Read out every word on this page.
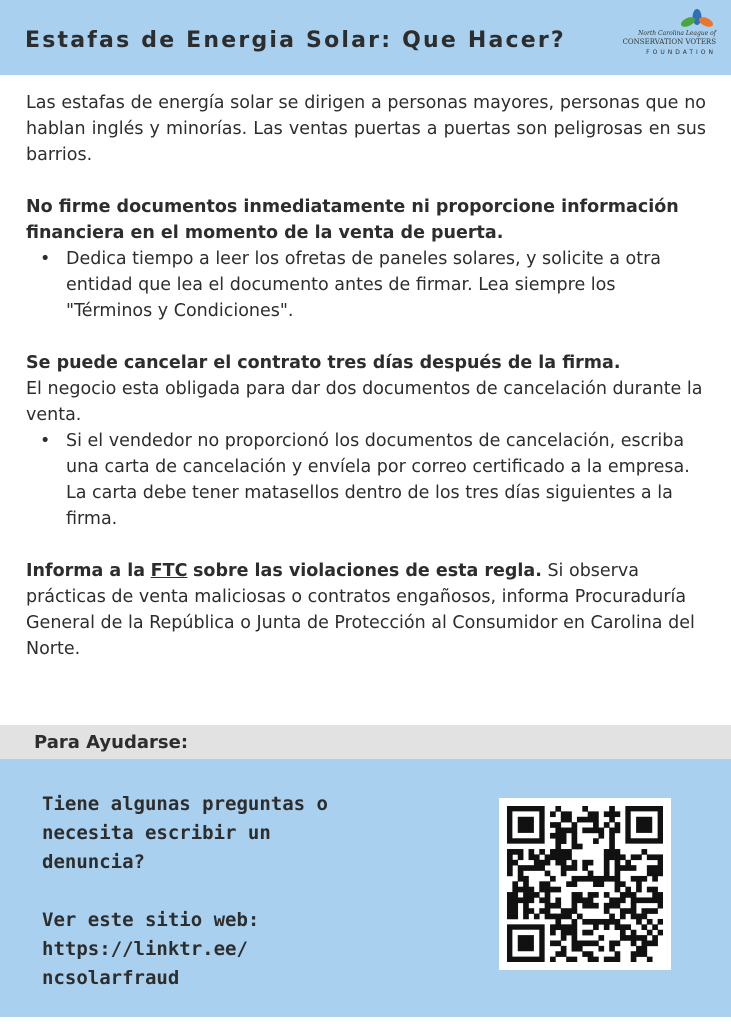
Estafas de Energia Solar: Que Hacer?	North Carolina League of
CONSERVATION VOTERS
FOUNDATION

Las estafas de energía solar se dirigen a personas mayores, personas que no hablan inglés y minorías. Las ventas puertas a puertas son peligrosas en sus barrios.

No firme documentos inmediatamente ni proporcione información financiera en el momento de la venta de puerta.

• Dedica tiempo a leer los ofretas de paneles solares, y solicite a otra entidad que lea el documento antes de firmar. Lea siempre los "Términos y Condiciones".

Se puede cancelar el contrato tres días después de la firma.

El negocio esta obligada para dar dos documentos de cancelación durante la venta.

• Si el vendedor no proporcionó los documentos de cancelación, escriba una carta de cancelación y envíela por correo certificado a la empresa. La carta debe tener matasellos dentro de los tres días siguientes a la firma.

Informa a la FTC sobre las violaciones de esta regla. Si observa prácticas de venta maliciosas o contratos engañosos, informa Procuraduría General de la República o Junta de Protección al Consumidor en Carolina del Norte.

Para Ayudarse:

Tiene algunas preguntas o necesita escribir un denuncia?

Ver este sitio web:

https://linktr.ee/

ncsolarfraud
